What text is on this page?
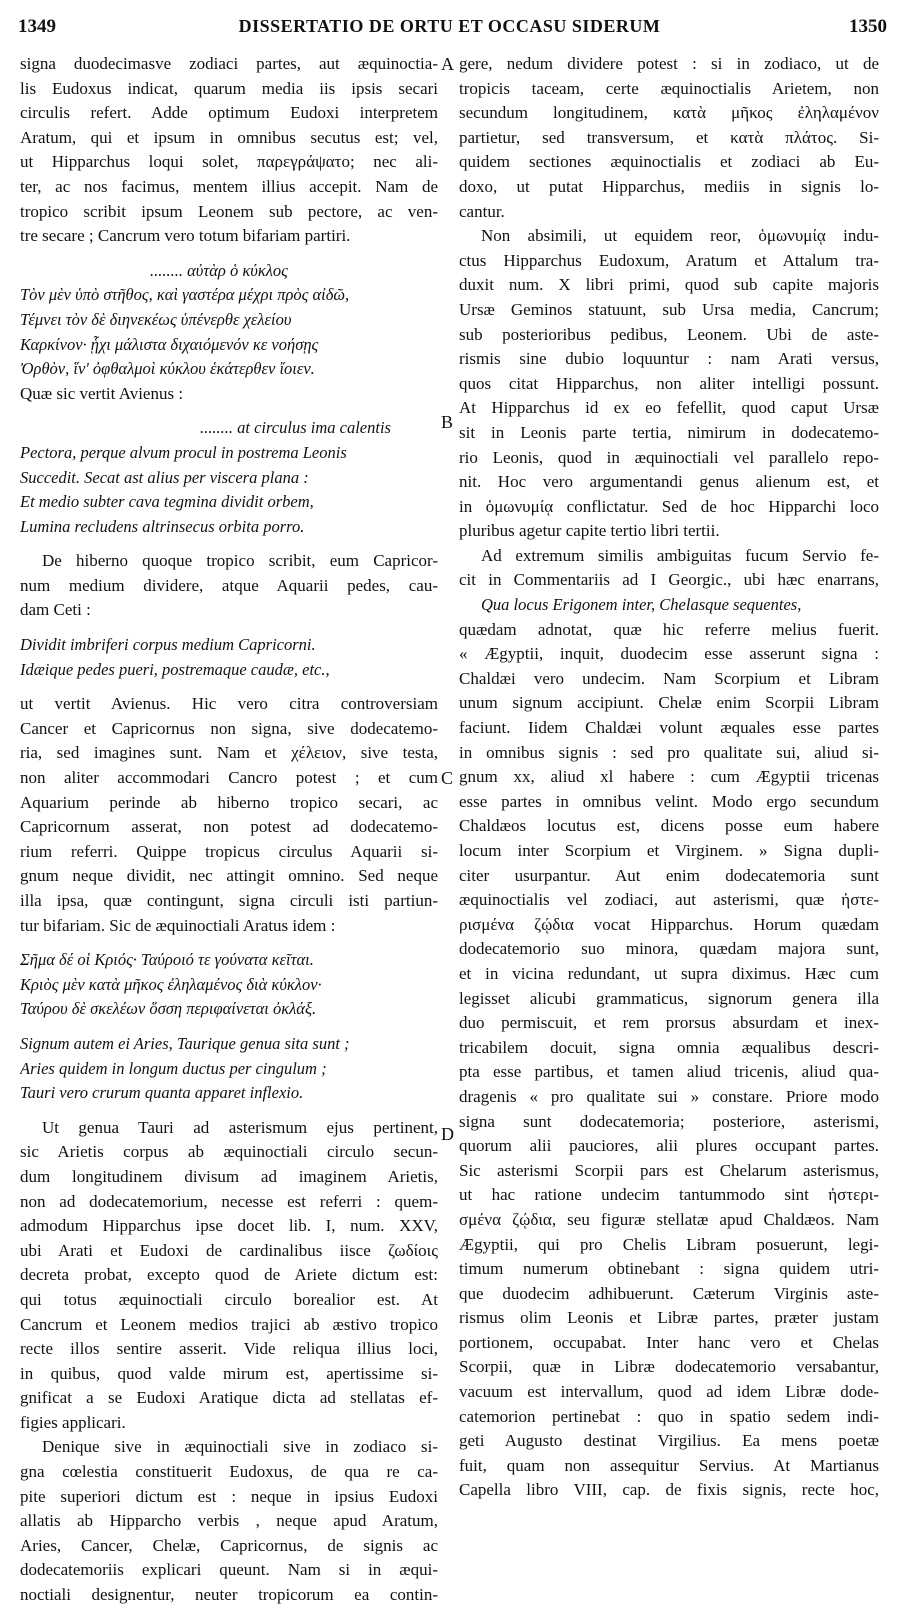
1349	DISSERTATIO DE ORTU ET OCCASU SIDERUM	1350
signa duodecimasve zodiaci partes, aut æquinoctia-
lis Eudoxus indicat, quarum media iis ipsis secari
circulis refert. Adde optimum Eudoxi interpretem
Aratum, qui et ipsum in omnibus secutus est; vel,
ut Hipparchus loqui solet, παρεγράψατο; nec ali-
ter, ac nos facimus, mentem illius accepit. Nam de
tropico scribit ipsum Leonem sub pectore, ac ven-
tre secare ; Cancrum vero totum bifariam partiri.
........ αὐτὰρ ὁ κύκλος
Τὸν μὲν ὑπὸ στῆθος, καὶ γαστέρα μέχρι πρὸς αἰδῶ,
Τέμνει τὸν δὲ διηνεκέως ὑπένερθε χελείου
Καρκίνον· ᾗχι μάλιστα διχαιόμενόν κε νοήσῃς
Ὀρθὸν, ἵν' ὀφθαλμοὶ κύκλου ἑκάτερθεν ἴοιεν.
Quæ sic vertit Avienus :
........ at circulus ima calentis
Pectora, perque alvum procul in postrema Leonis
Succedit. Secat ast alius per viscera plana :
Et medio subter cava tegmina dividit orbem,
Lumina recludens altrinsecus orbita porro.
De hiberno quoque tropico scribit, eum Capricor-
num medium dividere, atque Aquarii pedes, cau-
dam Ceti :
Dividit imbriferi corpus medium Capricorni.
Idæique pedes pueri, postremaque caudæ, etc.,
ut vertit Avienus. Hic vero citra controversiam
Cancer et Capricornus non signa, sive dodecatemo-
ria, sed imagines sunt. Nam et χέλειον, sive testa,
non aliter accommodari Cancro potest ; et cum
Aquarium perinde ab hiberno tropico secari, ac
Capricornum asserat, non potest ad dodecatemo-
rium referri. Quippe tropicus circulus Aquarii si-
gnum neque dividit, nec attingit omnino. Sed neque
illa ipsa, quæ contingunt, signa circuli isti partiun-
tur bifariam. Sic de æquinoctiali Aratus idem :
Σῆμα δέ οἱ Κριός· Ταύροιό τε γούνατα κεῖται.
Κριὸς μὲν κατὰ μῆκος ἐληλαμένος διὰ κύκλον·
Ταύρου δὲ σκελέων ὅσση περιφαίνεται ὀκλάξ.
Signum autem ei Aries, Taurique genua sita sunt ;
Aries quidem in longum ductus per cingulum ;
Tauri vero crurum quanta apparet inflexio.
Ut genua Tauri ad asterismum ejus pertinent,
sic Arietis corpus ab æquinoctiali circulo secun-
dum longitudinem divisum ad imaginem Arietis,
non ad dodecatemorium, necesse est referri : quem-
admodum Hipparchus ipse docet lib. I, num. XXV,
ubi Arati et Eudoxi de cardinalibus iisce ζωδίοις
decreta probat, excepto quod de Ariete dictum est:
qui totus æquinoctiali circulo borealior est. At
Cancrum et Leonem medios trajici ab æstivo tropico
recte illos sentire asserit. Vide reliqua illius loci,
in quibus, quod valde mirum est, apertissime si-
gnificat a se Eudoxi Aratique dicta ad stellatas ef-
figies applicari.
Denique sive in æquinoctiali sive in zodiaco si-
gna cœlestia constituerit Eudoxus, de qua re ca-
pite superiori dictum est : neque in ipsius Eudoxi
allatis ab Hipparcho verbis , neque apud Aratum,
Aries, Cancer, Chelæ, Capricornus, de signis ac
dodecatemoriis explicari queunt. Nam si in æqui-
noctiali designentur, neuter tropicorum ea contin-
gere, nedum dividere potest : si in zodiaco, ut de
tropicis taceam, certe æquinoctialis Arietem, non
secundum longitudinem, κατὰ μῆκος ἐληλαμένον
partietur, sed transversum, et κατὰ πλάτος. Si-
quidem sectiones æquinoctialis et zodiaci ab Eu-
doxo, ut putat Hipparchus, mediis in signis lo-
cantur.
Non absimili, ut equidem reor, ὁμωνυμίᾳ indu-
ctus Hipparchus Eudoxum, Aratum et Attalum tra-
duxit num. X libri primi, quod sub capite majoris
Ursæ Geminos statuunt, sub Ursa media, Cancrum;
sub posterioribus pedibus, Leonem. Ubi de aste-
rismis sine dubio loquuntur : nam Arati versus,
quos citat Hipparchus, non aliter intelligi possunt.
At Hipparchus id ex eo fefellit, quod caput Ursæ
sit in Leonis parte tertia, nimirum in dodecatemo-
rio Leonis, quod in æquinoctiali vel parallelo repo-
nit. Hoc vero argumentandi genus alienum est, et
in ὁμωνυμίᾳ conflictatur. Sed de hoc Hipparchi loco
pluribus agetur capite tertio libri tertii.
Ad extremum similis ambiguitas fucum Servio fe-
cit in Commentariis ad I Georgic., ubi hæc enarrans,
Qua locus Erigonem inter, Chelasque sequentes,
quædam adnotat, quæ hic referre melius fuerit.
« Ægyptii, inquit, duodecim esse asserunt signa :
Chaldæi vero undecim. Nam Scorpium et Libram
unum signum accipiunt. Chelæ enim Scorpii Libram
faciunt. Iidem Chaldæi volunt æquales esse partes
in omnibus signis : sed pro qualitate sui, aliud si-
gnum xx, aliud xl habere : cum Ægyptii tricenas
esse partes in omnibus velint. Modo ergo secundum
Chaldæos locutus est, dicens posse eum habere
locum inter Scorpium et Virginem. » Signa dupli-
citer usurpantur. Aut enim dodecatemoria sunt
æquinoctialis vel zodiaci, aut asterismi, quæ ἠστε-
ρισμένα ζῴδια vocat Hipparchus. Horum quædam
dodecatemorio suo minora, quædam majora sunt,
et in vicina redundant, ut supra diximus. Hæc cum
legisset alicubi grammaticus, signorum genera illa
duo permiscuit, et rem prorsus absurdam et inex-
tricabilem docuit, signa omnia æqualibus descri-
pta esse partibus, et tamen aliud tricenis, aliud qua-
dragenis « pro qualitate sui » constare. Priore modo
signa sunt dodecatemoria; posteriore, asterismi,
quorum alii pauciores, alii plures occupant partes.
Sic asterismi Scorpii pars est Chelarum asterismus,
ut hac ratione undecim tantummodo sint ἠστερι-
σμένα ζῴδια, seu figuræ stellatæ apud Chaldæos. Nam
Ægyptii, qui pro Chelis Libram posuerunt, legi-
timum numerum obtinebant : signa quidem utri-
que duodecim adhibuerunt. Cæterum Virginis aste-
rismus olim Leonis et Libræ partes, præter justam
portionem, occupabat. Inter hanc vero et Chelas
Scorpii, quæ in Libræ dodecatemorio versabantur,
vacuum est intervallum, quod ad idem Libræ dode-
catemorion pertinebat : quo in spatio sedem indi-
geti Augusto destinat Virgilius. Ea mens poetæ
fuit, quam non assequitur Servius. At Martianus
Capella libro VIII, cap. de fixis signis, recte hoc,
A
B
C
D
